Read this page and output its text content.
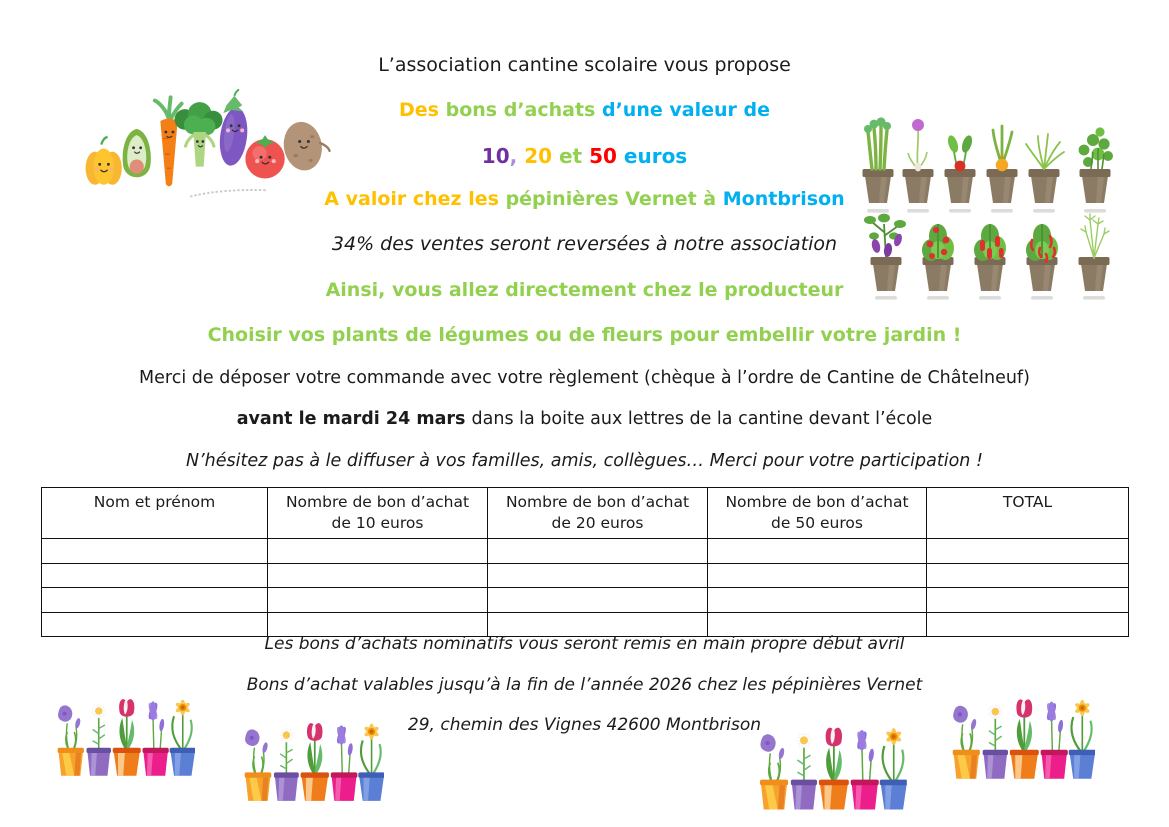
L’association cantine scolaire vous propose
Des bons d’achats d’une valeur de
10, 20 et 50 euros
A valoir chez les pépinières Vernet à Montbrison
34% des ventes seront reversées à notre association
Ainsi, vous allez directement chez le producteur
Choisir vos plants de légumes ou de fleurs pour embellir votre jardin !
Merci de déposer votre commande avec votre règlement (chèque à l’ordre de Cantine de Châtelneuf)
avant le mardi 24 mars dans la boite aux lettres de la cantine devant l’école
N’hésitez pas à le diffuser à vos familles, amis, collègues… Merci pour votre participation !
Nom et prénom	Nombre de bon d’achat de 10 euros	Nombre de bon d’achat de 20 euros	Nombre de bon d’achat de 50 euros	TOTAL

Les bons d’achats nominatifs vous seront remis en main propre début avril
Bons d’achat valables jusqu’à la fin de l’année 2026 chez les pépinières Vernet
29, chemin des Vignes 42600 Montbrison
